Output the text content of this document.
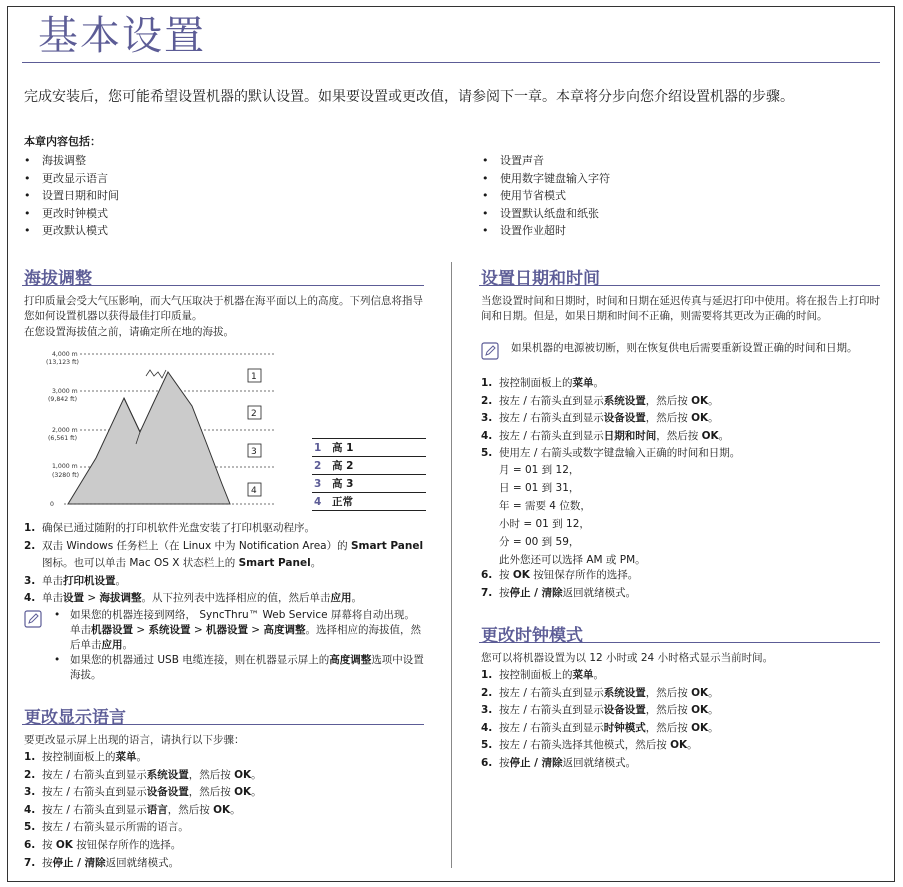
基本设置
完成安装后，您可能希望设置机器的默认设置。如果要设置或更改值，请参阅下一章。本章将分步向您介绍设置机器的步骤。
本章内容包括：
• 海拔调整
• 更改显示语言
• 设置日期和时间
• 更改时钟模式
• 更改默认模式
• 设置声音
• 使用数字键盘输入字符
• 使用节省模式
• 设置默认纸盘和纸张
• 设置作业超时
海拔调整
打印质量会受大气压影响，而大气压取决于机器在海平面以上的高度。下列信息将指导您如何设置机器以获得最佳打印质量。
在您设置海拔值之前，请确定所在地的海拔。
4,000 m
(13,123 ft)
3,000 m
(9,842 ft)
2,000 m
(6,561 ft)
1,000 m
(3280 ft)
0
1
2
3
4
1	高 1
2	高 2
3	高 3
4	正常
1. 确保已通过随附的打印机软件光盘安装了打印机驱动程序。
2. 双击 Windows 任务栏上（在 Linux 中为 Notification Area）的 Smart Panel 图标。也可以单击 Mac OS X 状态栏上的 Smart Panel。
3. 单击打印机设置。
4. 单击设置 > 海拔调整。从下拉列表中选择相应的值，然后单击应用。
• 如果您的机器连接到网络， SyncThru™ Web Service 屏幕将自动出现。单击机器设置 > 系统设置 > 机器设置 > 高度调整。选择相应的海拔值，然后单击应用。
• 如果您的机器通过 USB 电缆连接，则在机器显示屏上的高度调整选项中设置海拔。
更改显示语言
要更改显示屏上出现的语言，请执行以下步骤：
1. 按控制面板上的菜单。
2. 按左 / 右箭头直到显示系统设置，然后按 OK。
3. 按左 / 右箭头直到显示设备设置，然后按 OK。
4. 按左 / 右箭头直到显示语言，然后按 OK。
5. 按左 / 右箭头显示所需的语言。
6. 按 OK 按钮保存所作的选择。
7. 按停止 / 清除返回就绪模式。
设置日期和时间
当您设置时间和日期时，时间和日期在延迟传真与延迟打印中使用。将在报告上打印时间和日期。但是，如果日期和时间不正确，则需要将其更改为正确的时间。
如果机器的电源被切断，则在恢复供电后需要重新设置正确的时间和日期。
1. 按控制面板上的菜单。
2. 按左 / 右箭头直到显示系统设置，然后按 OK。
3. 按左 / 右箭头直到显示设备设置，然后按 OK。
4. 按左 / 右箭头直到显示日期和时间，然后按 OK。
5. 使用左 / 右箭头或数字键盘输入正确的时间和日期。
月 = 01 到 12，
日 = 01 到 31，
年 = 需要 4 位数，
小时 = 01 到 12，
分 = 00 到 59，
此外您还可以选择 AM 或 PM。
6. 按 OK 按钮保存所作的选择。
7. 按停止 / 清除返回就绪模式。
更改时钟模式
您可以将机器设置为以 12 小时或 24 小时格式显示当前时间。
1. 按控制面板上的菜单。
2. 按左 / 右箭头直到显示系统设置，然后按 OK。
3. 按左 / 右箭头直到显示设备设置，然后按 OK。
4. 按左 / 右箭头直到显示时钟模式，然后按 OK。
5. 按左 / 右箭头选择其他模式，然后按 OK。
6. 按停止 / 清除返回就绪模式。
